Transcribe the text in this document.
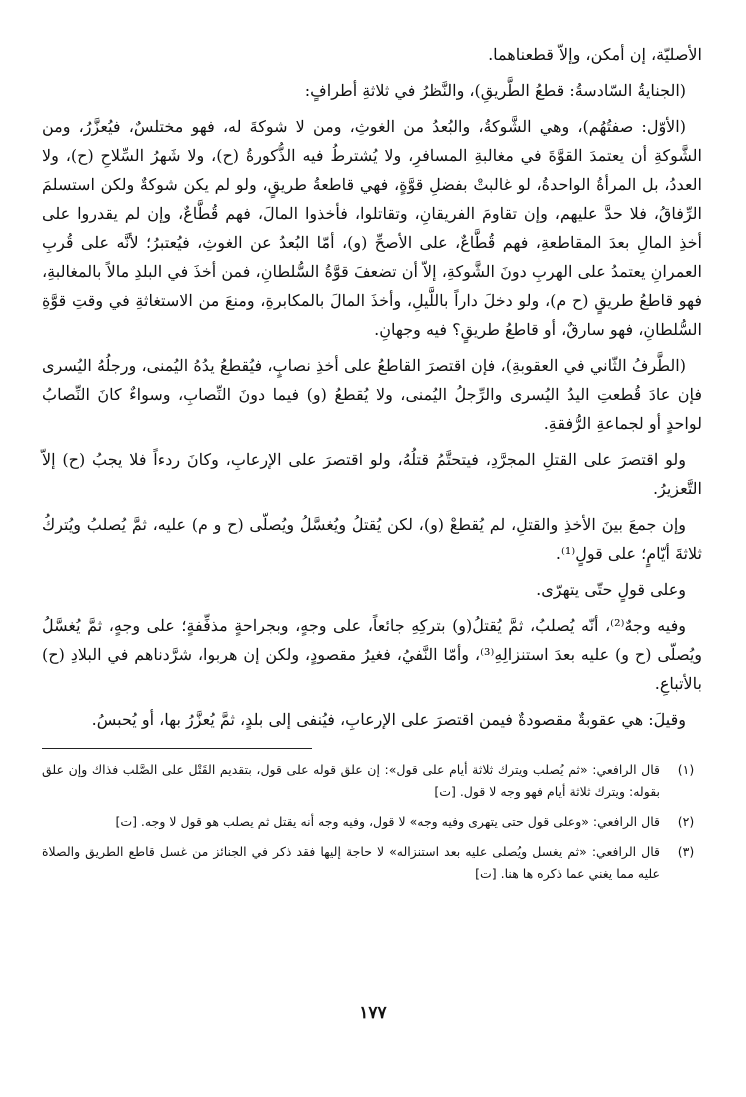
الأصليّة، إن أمكن، وإلاّ قطعناهما.

(الجنايةُ السّادسةُ: قطعُ الطَّريقِ)، والنَّظرُ في ثلاثةِ أطرافٍ:

(الأوّل: صفتُهُم)، وهي الشَّوكةُ، والبُعدُ من الغوثِ، ومن لا شوكةَ له، فهو مختلسٌ، فيُعزَّرُ، ومن الشَّوكةِ أن يعتمدَ القوَّةَ في مغالبةِ المسافرِ، ولا يُشترطُ فيه الذُّكورةُ (ح)، ولا شَهرُ السِّلاحِ (ح)، ولا العددُ، بل المرأةُ الواحدةُ، لو غالبتْ بفضلِ قوَّةٍ، فهي قاطعةُ طريقٍ، ولو لم يكن شوكةٌ ولكن استسلمَ الرِّفاقُ، فلا حدَّ عليهم، وإن تقاومَ الفريقانِ، وتقاتلوا، فأخذوا المالَ، فهم قُطَّاعٌ، وإن لم يقدروا على أخذِ المالِ بعدَ المقاطعةِ، فهم قُطَّاعٌ، على الأصحِّ (و)، أمّا البُعدُ عن الغوثِ، فيُعتبرُ؛ لأنَّه على قُربِ العمرانِ يعتمدُ على الهربِ دونَ الشَّوكةِ، إلاّ أن تضعفَ قوَّةُ السُّلطانِ، فمن أخذَ في البلدِ مالاً بالمغالبةِ، فهو قاطعُ طريقٍ (ح م)، ولو دخلَ داراً باللَّيلِ، وأخذَ المالَ بالمكابرةِ، ومنعَ من الاستغاثةِ في وقتِ قوَّةِ السُّلطانِ، فهو سارقٌ، أو قاطعُ طريقٍ؟ فيه وجهانِ.

(الطَّرفُ الثّاني في العقوبةِ)، فإن اقتصرَ القاطعُ على أخذِ نصابٍ، فيُقطعُ يدُهُ اليُمنى، ورجلُهُ اليُسرى فإن عادَ قُطعتِ اليدُ اليُسرى والرِّجلُ اليُمنى، ولا يُقطعُ (و) فيما دونَ النِّصابِ، وسواءٌ كانَ النِّصابُ لواحدٍ أو لجماعةِ الرُّفقةِ.

ولو اقتصرَ على القتلِ المجرَّدِ، فيتحتَّمُ قتلُهُ، ولو اقتصرَ على الإرعابِ، وكانَ ردءاً فلا يجبُ (ح) إلاّ التَّعزيرُ.

وإن جمعَ بينَ الأخذِ والقتلِ، لم يُقطعْ (و)، لكن يُقتلُ ويُغسَّلُ ويُصلّى (ح و م) عليه، ثمَّ يُصلبُ ويُتركُ ثلاثةَ أيّامٍ؛ على قولٍ⁽¹⁾.

وعلى قولٍ حتّى يتهرّى.

وفيه وجهٌ⁽²⁾، أنّه يُصلبُ، ثمَّ يُقتلُ(و) بتركِهِ جائعاً، على وجهٍ، وبجراحةٍ مذفِّفةٍ؛ على وجهٍ، ثمَّ يُغسَّلُ ويُصلّى (ح و) عليه بعدَ استنزالِهِ⁽³⁾، وأمّا النَّفيُ، فغيرُ مقصودٍ، ولكن إن هربوا، شرَّدناهم في البلادِ (ح) بالأتباعِ.

وقيلَ: هي عقوبةٌ مقصودةٌ فيمن اقتصرَ على الإرعابِ، فيُنفى إلى بلدٍ، ثمَّ يُعزَّرُ بها، أو يُحبسُ.

(١)
قال الرافعي: «ثم يُصلب ويترك ثلاثة أيام على قول»: إن علق قوله على قول، بتقديم القَتْل على الصَّلب فذاك وإن علق بقوله: ويترك ثلاثة أيام فهو وجه لا قول. [ت]
(٢)
قال الرافعي: «وعلى قول حتى يتهرى وفيه وجه» لا قول، وفيه وجه أنه يقتل ثم يصلب هو قول لا وجه. [ت]
(٣)
قال الرافعي: «ثم يغسل ويُصلى عليه بعد استنزاله» لا حاجة إليها فقد ذكر في الجنائز من غسل قاطع الطريق والصلاة عليه مما يغني عما ذكره ها هنا. [ت]
١٧٧
